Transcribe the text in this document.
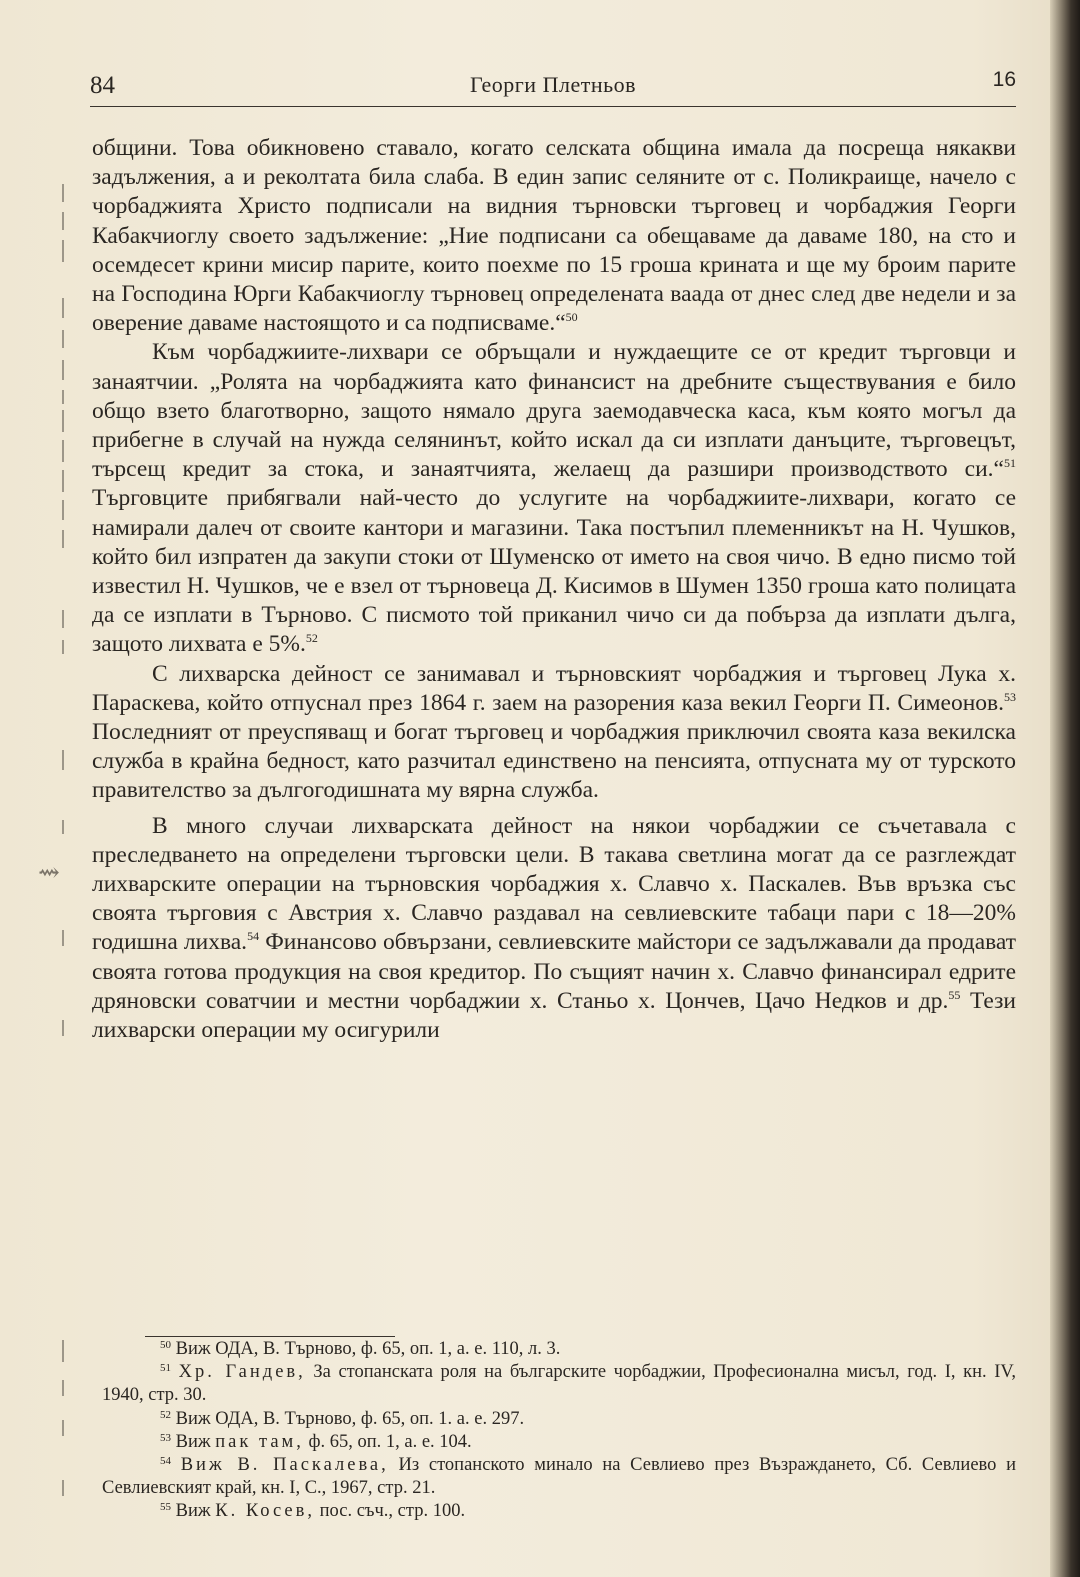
84	Георги Плетньов	16
⇝

общини. Това обикновено ставало, когато селската община имала да посреща някакви задължения, а и реколтата била слаба. В един запис селяните от с. Поликраище, начело с чорбаджията Христо подписали на видния търновски търговец и чорбаджия Георги Кабакчиоглу своето задължение: „Ние подписани са обещаваме да даваме 180, на сто и осемдесет крини мисир парите, които поехме по 15 гроша крината и ще му броим парите на Господина Юрги Кабакчиоглу търновец определената ваада от днес след две недели и за оверение даваме настоящото и са подписваме.“$^{50}$

Към чорбаджиите-лихвари се обръщали и нуждаещите се от кредит търговци и занаятчии. „Ролята на чорбаджията като финансист на дребните съществувания е било общо взето благотворно, защото нямало друга заемодавческа каса, към която могъл да прибегне в случай на нужда селянинът, който искал да си изплати данъците, търговецът, търсещ кредит за стока, и занаятчията, желаещ да разшири производството си.“$^{51}$ Търговците прибягвали най-често до услугите на чорбаджиите-лихвари, когато се намирали далеч от своите кантори и магазини. Така постъпил племенникът на Н. Чушков, който бил изпратен да закупи стоки от Шуменско от името на своя чичо. В едно писмо той известил Н. Чушков, че е взел от търновеца Д. Кисимов в Шумен 1350 гроша като полицата да се изплати в Търново. С писмото той приканил чичо си да побърза да изплати дълга, защото лихвата е 5%.$^{52}$

С лихварска дейност се занимавал и търновският чорбаджия и търговец Лука х. Параскева, който отпуснал през 1864 г. заем на разорения каза векил Георги П. Симеонов.$^{53}$ Последният от преуспяващ и богат търговец и чорбаджия приключил своята каза векилска служба в крайна бедност, като разчитал единствено на пенсията, отпусната му от турското правителство за дългогодишната му вярна служба.

В много случаи лихварската дейност на някои чорбаджии се съчетавала с преследването на определени търговски цели. В такава светлина могат да се разглеждат лихварските операции на търновския чорбаджия х. Славчо х. Паскалев. Във връзка със своята търговия с Австрия х. Славчо раздавал на севлиевските табаци пари с 18—20% годишна лихва.$^{54}$ Финансово обвързани, севлиевските майстори се задължавали да продават своята готова продукция на своя кредитор. По същият начин х. Славчо финансирал едрите дряновски соватчии и местни чорбаджии х. Станьо х. Цончев, Цачо Недков и др.$^{55}$ Тези лихварски операции му осигурили

$^{50}$ Виж ОДА, В. Търново, ф. 65, оп. 1, а. е. 110, л. 3.

$^{51}$ Хр. Гандев, За стопанската роля на българските чорбаджии, Професионална мисъл, год. I, кн. IV, 1940, стр. 30.

$^{52}$ Виж ОДА, В. Търново, ф. 65, оп. 1. а. е. 297.

$^{53}$ Виж пак там, ф. 65, оп. 1, а. е. 104.

$^{54}$ Виж В. Паскалева, Из стопанското минало на Севлиево през Възраждането, Сб. Севлиево и Севлиевският край, кн. I, С., 1967, стр. 21.

$^{55}$ Виж К. Косев, пос. съч., стр. 100.
